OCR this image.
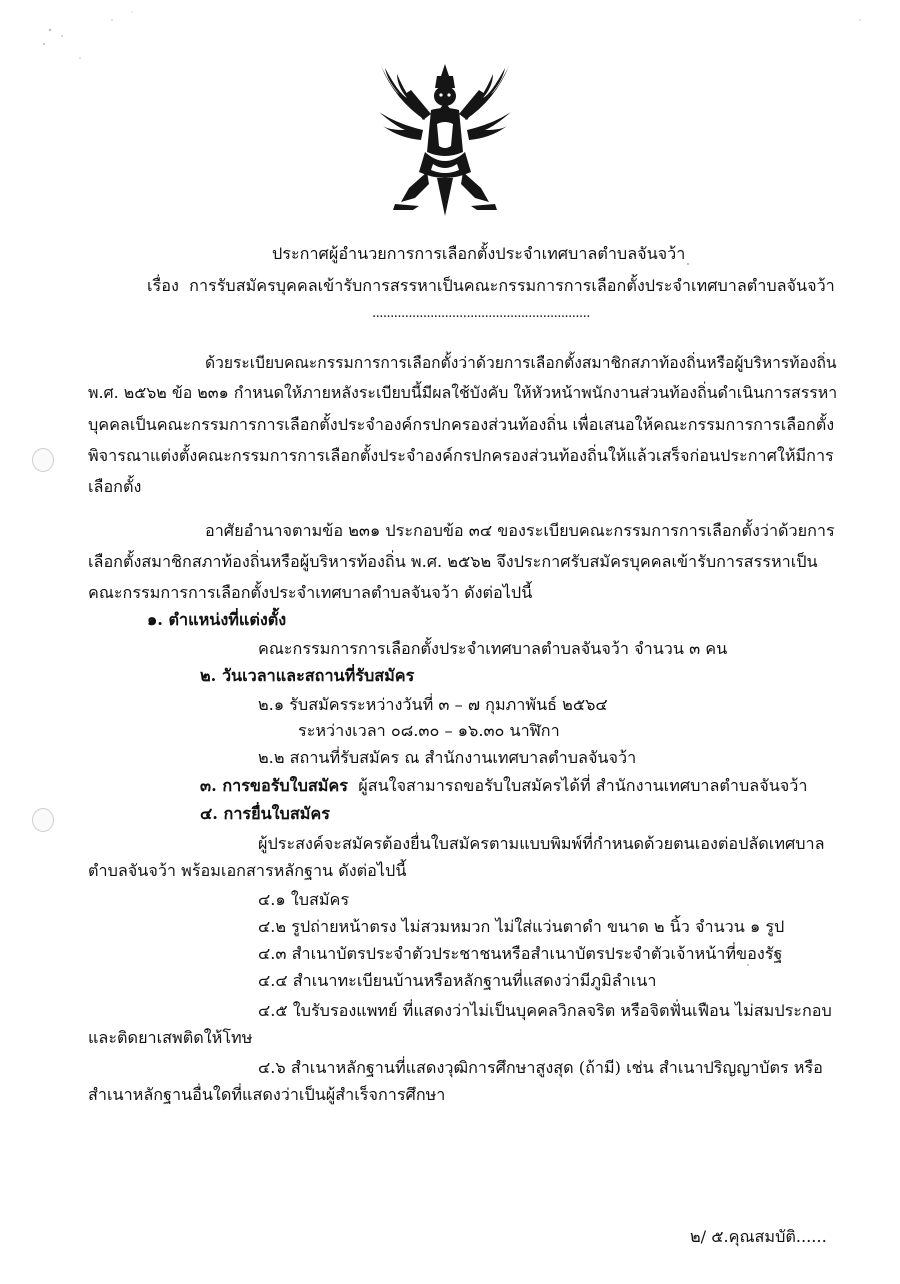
ประกาศผู้อำนวยการการเลือกตั้งประจำเทศบาลตำบลจันจว้า
เรื่อง การรับสมัครบุคคลเข้ารับการสรรหาเป็นคณะกรรมการการเลือกตั้งประจำเทศบาลตำบลจันจว้า
............................................................
ด้วยระเบียบคณะกรรมการการเลือกตั้งว่าด้วยการเลือกตั้งสมาชิกสภาท้องถิ่นหรือผู้บริหารท้องถิ่น
พ.ศ. ๒๕๖๒ ข้อ ๒๓๑ กำหนดให้ภายหลังระเบียบนี้มีผลใช้บังคับ ให้หัวหน้าพนักงานส่วนท้องถิ่นดำเนินการสรรหา
บุคคลเป็นคณะกรรมการการเลือกตั้งประจำองค์กรปกครองส่วนท้องถิ่น เพื่อเสนอให้คณะกรรมการการเลือกตั้ง
พิจารณาแต่งตั้งคณะกรรมการการเลือกตั้งประจำองค์กรปกครองส่วนท้องถิ่นให้แล้วเสร็จก่อนประกาศให้มีการ
เลือกตั้ง
อาศัยอำนาจตามข้อ ๒๓๑ ประกอบข้อ ๓๔ ของระเบียบคณะกรรมการการเลือกตั้งว่าด้วยการ
เลือกตั้งสมาชิกสภาท้องถิ่นหรือผู้บริหารท้องถิ่น พ.ศ. ๒๕๖๒ จึงประกาศรับสมัครบุคคลเข้ารับการสรรหาเป็น
คณะกรรมการการเลือกตั้งประจำเทศบาลตำบลจันจว้า ดังต่อไปนี้
๑. ตำแหน่งที่แต่งตั้ง
คณะกรรมการการเลือกตั้งประจำเทศบาลตำบลจันจว้า จำนวน ๓ คน
๒. วันเวลาและสถานที่รับสมัคร
๒.๑ รับสมัครระหว่างวันที่ ๓ – ๗ กุมภาพันธ์ ๒๕๖๔
ระหว่างเวลา ๐๘.๓๐ – ๑๖.๓๐ นาฬิกา
๒.๒ สถานที่รับสมัคร ณ สำนักงานเทศบาลตำบลจันจว้า
๓. การขอรับใบสมัคร ผู้สนใจสามารถขอรับใบสมัครได้ที่ สำนักงานเทศบาลตำบลจันจว้า
๔. การยื่นใบสมัคร
ผู้ประสงค์จะสมัครต้องยื่นใบสมัครตามแบบพิมพ์ที่กำหนดด้วยตนเองต่อปลัดเทศบาล
ตำบลจันจว้า พร้อมเอกสารหลักฐาน ดังต่อไปนี้
๔.๑ ใบสมัคร
๔.๒ รูปถ่ายหน้าตรง ไม่สวมหมวก ไม่ใส่แว่นตาดำ ขนาด ๒ นิ้ว จำนวน ๑ รูป
๔.๓ สำเนาบัตรประจำตัวประชาชนหรือสำเนาบัตรประจำตัวเจ้าหน้าที่ของรัฐ
๔.๔ สำเนาทะเบียนบ้านหรือหลักฐานที่แสดงว่ามีภูมิลำเนา
๔.๕ ใบรับรองแพทย์ ที่แสดงว่าไม่เป็นบุคคลวิกลจริต หรือจิตฟั่นเฟือน ไม่สมประกอบ
และติดยาเสพติดให้โทษ
๔.๖ สำเนาหลักฐานที่แสดงวุฒิการศึกษาสูงสุด (ถ้ามี) เช่น สำเนาปริญญาบัตร หรือ
สำเนาหลักฐานอื่นใดที่แสดงว่าเป็นผู้สำเร็จการศึกษา
๒/ ๕.คุณสมบัติ......
